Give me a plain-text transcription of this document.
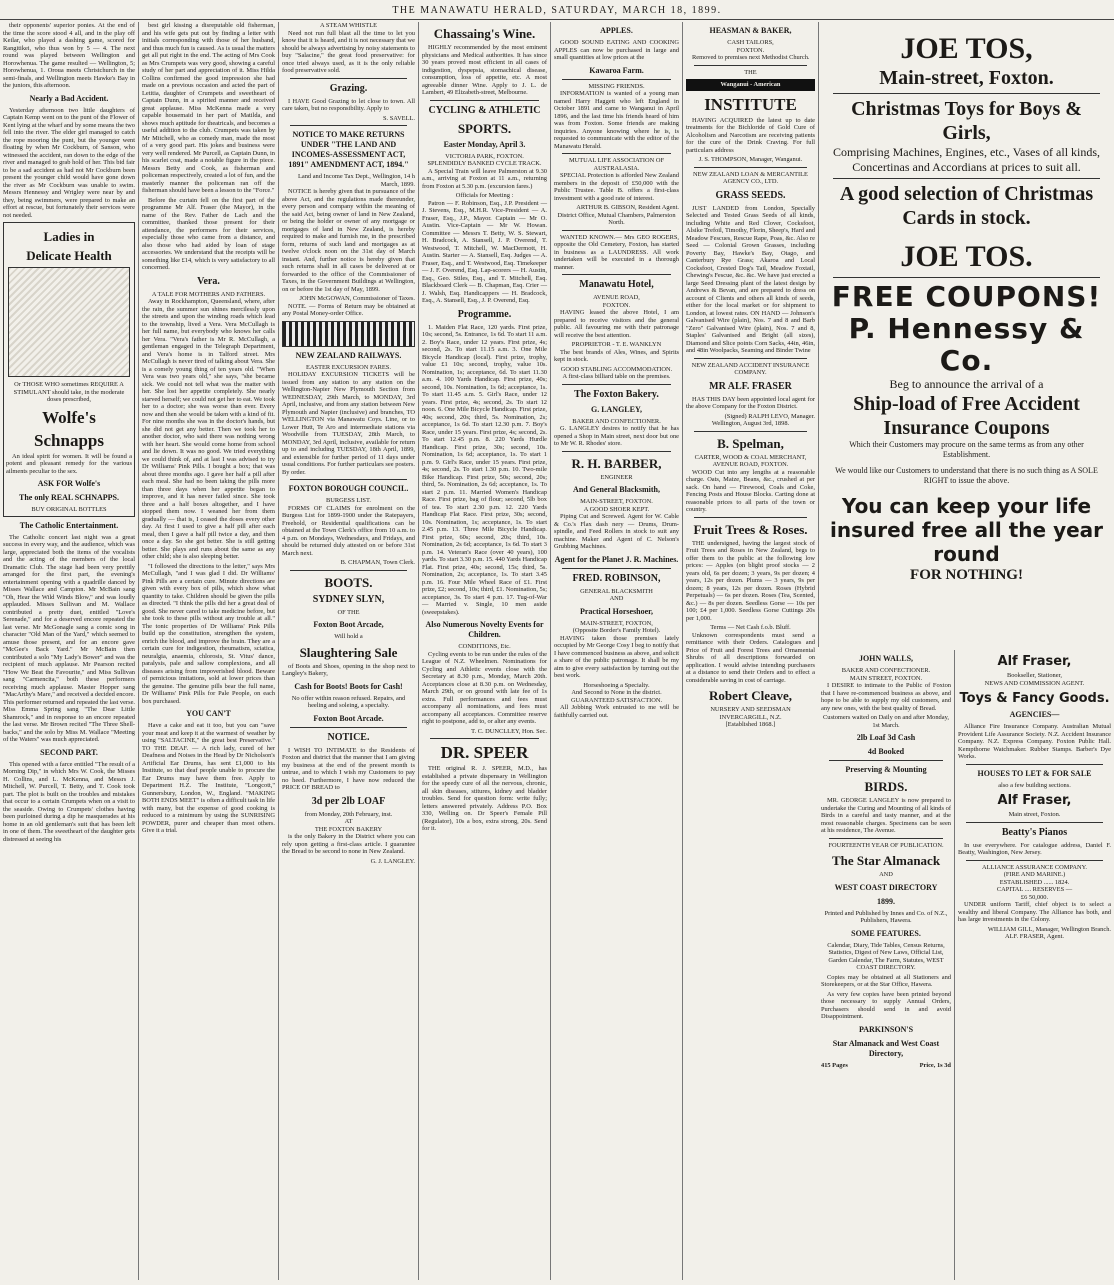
THE MANAWATU HERALD, SATURDAY, MARCH 18, 1899.

their opponents' superior ponies. At the end of the time the score stood 4 all, and in the play off Keilar, who played a dashing game, scored for Rangitikei, who thus won by 5 — 4. The next round was played between Wellington and Horowhenua. The game resulted — Wellington, 5; Horowhenua, 1. Oroua meets Christchurch in the semi-finals, and Wellington meets Hawke's Bay in the juniors, this afternoon.

Nearly a Bad Accident.

Yesterday afternoon two little daughters of Captain Kemp went on to the punt of the Flower of Kent lying at the wharf and by some means the two fell into the river. The elder girl managed to catch the rope mooring the punt, but the younger went floating by when Mr Cockburn, of Sanson, who witnessed the accident, ran down to the edge of the river and managed to grab hold of her. This bid fair to be a sad accident as had not Mr Cockburn been present the younger child would have gone down the river as Mr Cockburn was unable to swim. Messrs Hennessy and Wrigley were near by and they, being swimmers, were prepared to make an effort at rescue, but fortunately their services were not needed.

Ladies in
Delicate Health

Or THOSE WHO sometimes REQUIRE A STIMULANT should take, in the moderate doses prescribed,

Wolfe's
Schnapps

An ideal spirit for women. It will be found a potent and pleasant remedy for the various ailments peculiar to the sex.

ASK FOR Wolfe's
The only REAL SCHNAPPS.
BUY ORIGINAL BOTTLES
The Catholic Entertainment.

The Catholic concert last night was a great success in every way, and the audience, which was large, appreciated both the items of the vocalists and the acting of the members of the local Dramatic Club. The stage had been very prettily arranged for the first part, the evening's entertainment opening with a quadrille danced by Misses Wallace and Campion. Mr McBain sang "Oh, Hear the Wild Winds Blow," and was loudly applauded. Misses Sullivan and M. Wallace contributed a pretty duet, entitled "Love's Serenade," and for a deserved encore repeated the last verse. Mr McGonagle sang a comic song in character "Old Man of the Yard," which seemed to amuse those present, and for an encore gave "McGee's Back Yard." Mr McBain then contributed a solo "My Lady's Bower" and was the recipient of much applause. Mr Pearson recited "How We Beat the Favourite," and Miss Sullivan sang "Carmencita," both these performers receiving much applause. Master Hopper sang "MacArthy's Mare," and received a decided encore. This performer returned and repeated the last verse. Miss Emma Spring sang "The Dear Little Shamrock," and in response to an encore repeated the last verse. Mr Brown recited "The Three Shell-backs," and the solo by Miss M. Wallace "Meeting of the Waters" was much appreciated.

SECOND PART.

This opened with a farce entitled "The result of a Morning Dip," in which Mrs W. Cook, the Misses H. Collins, and L. McKenna, and Messrs J. Mitchell, W. Purcell, T. Betty, and T. Cook took part. The plot is built on the troubles and mistakes that occur to a certain Crumpets when on a visit to the seaside. Owing to Crumpets' clothes having been purloined during a dip he masquerades at his home in an old gentleman's suit that has been left in one of them. The sweetheart of the daughter gets distressed at seeing his

best girl kissing a disreputable old fisherman, and his wife gets put out by finding a letter with initials corresponding with those of her husband, and thus much fun is caused. As is usual the matters get all put right in the end. The acting of Mrs Cook as Mrs Crumpets was very good, showing a careful study of her part and appreciation of it. Miss Hilda Collins confirmed the good impression she had made on a previous occasion and acted the part of Letitia, daughter of Crumpets and sweetheart of Captain Dunn, in a spirited manner and received great applause. Miss McKenna made a very capable housemaid in her part of Matilda, and shows much aptitude for theatricals, and becomes a useful addition to the club. Crumpets was taken by Mr Mitchell, who as comedy man, made the most of a very good part. His jokes and business were very well rendered. Mr Purcell, as Captain Dunn, in his scarlet coat, made a notable figure in the piece. Messrs Betty and Cook, as fisherman and policeman respectively, created a lot of fun, and the masterly manner the policeman ran off the fisherman should have been a lesson to the "Force."

Before the curtain fell on the first part of the programme Mr Alf. Fraser (the Mayor), in the name of the Rev. Father de Lach and the committee, thanked those present for their attendance, the performers for their services, especially those who came from a distance, and also those who had aided by loan of stage accessories. We understand that the receipts will be something like £14, which is very satisfactory to all concerned.

Vera.
A TALE FOR MOTHERS AND FATHERS.

Away in Rockhampton, Queensland, where, after the rain, the summer sun shines mercilessly upon the streets and upon the winding roads which lead to the township, lived a Vera. Vera McCullagh is her full name, but everybody who knows her calls her Vera. "Vera's father is Mr R. McCullagh, a gentleman engaged in the Telegraph Department, and Vera's home is in Talford street. Mrs McCullagh is never tired of talking about Vera. She is a comely young thing of ten years old. "When Vera was two years old," she says, "she became sick. We could not tell what was the matter with her. She lost her appetite completely. She nearly starved herself; we could not get her to eat. We took her to a doctor; she was worse than ever. Every now and then she would be taken with a kind of fit. For nine months she was in the doctor's hands, but she did not get any better. Then we took her to another doctor, who said there was nothing wrong with her heart. She would come home from school and lie down. It was no good. We tried everything we could think of, and at last I was advised to try Dr Williams' Pink Pills. I bought a box; that was about three months ago. I gave her half a pill after each meal. She had no been taking the pills more than three days when her appetite began to improve, and it has never failed since. She took three and a half boxes altogether, and I have stopped them now. I weaned her from them gradually — that is, I ceased the doses every other day. At first I used to give a half pill after each meal, then I gave a half pill twice a day, and then once a day. So she got better. She is still getting better. She plays and runs about the same as any other child; she is also sleeping better.

"I followed the directions to the letter," says Mrs McCullagh, "and I was glad I did. Dr Williams' Pink Pills are a certain cure. Minute directions are given with every box of pills, which show what quantity to take. Children should be given the pills as directed. "I think the pills did her a great deal of good. She never cared to take medicine before, but she took to these pills without any trouble at all." The tonic properties of Dr Williams' Pink Pills build up the constitution, strengthen the system, enrich the blood, and improve the brain. They are a certain cure for indigestion, rheumatism, sciatica, neuralgia, anaemia, chlorosis, St. Vitus' dance, paralysis, pale and sallow complexions, and all diseases arising from impoverished blood. Beware of pernicious imitations, sold at lower prices than the genuine. The genuine pills bear the full name, Dr Williams' Pink Pills for Pale People, on each box purchased.

YOU CAN'T

Have a cake and eat it too, but you can "save your meat and keep it at the warmest of weather by using "SALTACINE," the great best Preservative." TO THE DEAF. — A rich lady, cured of her Deafness and Noises in the Head by Dr Nicholson's Artificial Ear Drums, has sent £1,000 to his Institute, so that deaf people unable to procure the Ear Drums may have them free. Apply to Department H.Z. The Institute, "Longcott," Gunnersbury, London, W., England. "MAKING BOTH ENDS MEET" is often a difficult task in life with many, but the expense of good cooking is reduced to a minimum by using the SUNRISING POWDER, purer and cheaper than most others. Give it a trial.

A STEAM WHISTLE

Need not run full blast all the time to let you know that it is heard, and it is not necessary that we should be always advertising by noisy statements to buy "Salacine," the great food preservative: for once tried always used, as it is the only reliable food preservative sold.

Grazing.

I HAVE Good Grazing to let close to town. All care taken, but no responsibility. Apply to

S. SAVELL.
NOTICE TO MAKE RETURNS UNDER "THE LAND AND INCOMES-ASSESSMENT ACT, 1891" AMENDMENT ACT, 1894."
Land and Income Tax Dept., Wellington, 14 h March, 1899.

NOTICE is hereby given that in pursuance of the above Act, and the regulations made thereunder, every person and company within the meaning of the said Act, being owner of land in New Zealand, or being the holder or owner of any mortgage or mortgages of land in New Zealand, is hereby required to make and furnish me, in the prescribed form, returns of such land and mortgages as at twelve o'clock noon on the 31st day of March instant. And, further notice is hereby given that such returns shall in all cases be delivered at or forwarded to the office of the Commissioner of Taxes, in the Government Buildings at Wellington, on or before the 1st day of May, 1899.

JOHN McGOWAN, Commissioner of Taxes.

NOTE. — Forms of Return may be obtained at any Postal Money-order Office.

NEW ZEALAND RAILWAYS.
EASTER EXCURSION FARES.

HOLIDAY EXCURSION TICKETS will be issued from any station to any station on the Wellington-Napier New Plymouth Section from WEDNESDAY, 29th March, to MONDAY, 3rd April, inclusive, and from any station between New Plymouth and Napier (inclusive) and branches, TO WELLINGTON via Manawatu Coys. Line, or to Lower Hutt, Te Aro and intermediate stations via Woodville from TUESDAY, 28th March, to MONDAY, 3rd April, inclusive, available for return up to and including TUESDAY, 18th April, 1899, and extensible for further period of 11 days under usual conditions. For further particulars see posters. By order.

FOXTON BOROUGH COUNCIL.
BURGESS LIST.

FORMS OF CLAIMS for enrolment on the Burgess List for 1899-1900 under the Ratepayers, Freehold, or Residential qualifications can be obtained at the Town Clerk's office from 10 a.m. to 4 p.m. on Mondays, Wednesdays, and Fridays, and should be returned duly attested on or before 31st March next.

B. CHAPMAN, Town Clerk.
BOOTS.
SYDNEY SLYN,
OF THE
Foxton Boot Arcade,
Will hold a
Slaughtering Sale

of Boots and Shoes, opening in the shop next to Langley's Bakery,

Cash for Boots! Boots for Cash!

No offer within reason refused. Repairs, and heeling and soleing, a specialty.

Foxton Boot Arcade.
NOTICE.

I WISH TO INTIMATE to the Residents of Foxton and district that the manner that I am giving my business at the end of the present month is untrue, and to which I wish my Customers to pay no heed. Furthermore, I have now reduced the PRICE OF BREAD to

3d per 2lb LOAF
from Monday, 20th February, inst.
AT
THE FOXTON BAKERY

is the only Bakery in the District where you can rely upon getting a first-class article. I guarantee the Bread to be second to none in New Zealand.

G. J. LANGLEY.
Chassaing's Wine.

HIGHLY recommended by the most eminent physicians and Medical authorities. It has since 30 years proved most efficient in all cases of indigestion, dyspepsia, stomachical disease, consumption, loss of appetite, etc. A most agreeable dinner Wine. Apply to J. L. de Lambert, 49 Elizabeth-street, Melbourne.

CYCLING & ATHLETIC
SPORTS.
Easter Monday, April 3.
VICTORIA PARK, FOXTON.
SPLENDIDLY BANKED CYCLE TRACK.

A Special Train will leave Palmerston at 9.30 a.m., arriving at Foxton at 11 a.m., returning from Foxton at 5.30 p.m. (excursion fares.)

Officials for Meeting :

Patron — F. Robinson, Esq., J.P. President — J. Stevens, Esq., M.H.R. Vice-President — A. Fraser, Esq., J.P., Mayor. Captain — Mr O. Austin. Vice-Captain — Mr W. Howan. Committee — Messrs T. Betty, W. S. Stewart, H. Bradcock, A. Stansell, J. P. Overend, T. Westwood, T. Mitchell, W. MacDermott, H. Austin. Starter — A. Stansell, Esq. Judges — A. Fraser, Esq., and T. Westwood, Esq. Timekeeper — J. F. Overend, Esq. Lap-scorers — H. Austin, Esq., Geo. Stiles, Esq., and T. Mitchell, Esq. Blackboard Clerk — B. Chapman, Esq. Crier — J. Walsh, Esq. Handicappers — H. Bradcock, Esq., A. Stansell, Esq., J. P. Overend, Esq.

Programme.

1. Maiden Flat Race, 120 yards. First prize, 10s; second, 5s. Entrance, 1s 6d. To start 11 a.m. 2. Boy's Race, under 12 years. First prize, 4s; second, 2s. To start 11.15 a.m. 3. One Mile Bicycle Handicap (local). First prize, trophy, value £1 10s; second, trophy, value 10s. Nomination, 1s; acceptance, 6d. To start 11.30 a.m. 4. 100 Yards Handicap. First prize, 40s; second, 10s. Nomination, 1s 6d; acceptance, 1s. To start 11.45 a.m. 5. Girl's Race, under 12 years. First prize, 4s; second, 2s. To start 12 noon. 6. One Mile Bicycle Handicap. First prize, 40s; second, 20s; third, 5s. Nomination, 2s; acceptance, 1s 6d. To start 12.30 p.m. 7. Boy's Race, under 15 years. First prize, 4s; second, 2s. To start 12.45 p.m. 8. 220 Yards Hurdle Handicap. First prize, 30s; second, 10s. Nomination, 1s 6d; acceptance, 1s. To start 1 p.m. 9. Girl's Race, under 15 years. First prize, 4s; second, 2s. To start 1.30 p.m. 10. Two-mile Bike Handicap. First prize, 50s; second, 20s; third, 5s. Nomination, 2s 6d; acceptance, 1s. To start 2 p.m. 11. Married Women's Handicap Race. First prize, bag of flour; second, 5lb box of tea. To start 2.30 p.m. 12. 220 Yards Handicap Flat Race. First prize, 30s; second, 10s. Nomination, 1s; acceptance, 1s. To start 2.45 p.m. 13. Three Mile Bicycle Handicap. First prize, 60s; second, 20s; third, 10s. Nomination, 2s 6d; acceptance, 1s 6d. To start 3 p.m. 14. Veteran's Race (over 40 years), 100 yards. To start 3.30 p.m. 15. 440 Yards Handicap Flat. First prize, 40s; second, 15s; third, 5s. Nomination, 2s; acceptance, 1s. To start 3.45 p.m. 16. Four Mile Wheel Race of £1. First prize, £2; second, 10s; third, £1. Nomination, 5s; acceptance, 3s. To start 4 p.m. 17. Tug-of-War — Married v. Single, 10 men aside (sweepstakes).

Also Numerous Novelty Events for Children.
CONDITIONS, Etc.

Cycling events to be run under the rules of the League of N.Z. Wheelmen. Nominations for Cycling and Athletic events close with the Secretary at 8.30 p.m., Monday, March 20th. Acceptances close at 8.30 p.m. on Wednesday, March 29th, or on ground with late fee of 1s extra. Full performances and fees must accompany all nominations, and fees must accompany all acceptances. Committee reserve right to postpone, add to, or alter any events.

T. C. DUNCLLEY, Hon. Sec.
DR. SPEER

THE original R. J. SPEER, M.D., has established a private dispensary in Wellington for the speedy cure of all the nervous, chronic, all skin diseases, stitures, kidney and bladder troubles. Send for question form: write fully; letters answered privately. Address P.O. Box 330, Welling on. Dr Speer's Female Pill (Regulator), 10s a box, extra strong, 20s. Send for it.

APPLES.

GOOD SOUND EATING AND COOKING APPLES can now be purchased in large and small quantities at low prices at the

Kawaroa Farm.
MISSING FRIENDS.

INFORMATION is wanted of a young man named Harry Haggett who left England in October 1891 and came to Wanganui in April 1896, and the last time his friends heard of him was from Foxton. Some friends are making inquiries. Anyone knowing where he is, is requested to communicate with the editor of the Manawatu Herald.

MUTUAL LIFE ASSOCIATION OF AUSTRALASIA.

SPECIAL Protection is afforded New Zealand members in the deposit of £50,000 with the Public Trustee. Table B. offers a first-class investment with a good rate of interest.

ARTHUR B. GIBSON, Resident Agent.
District Office, Mutual Chambers, Palmerston North.

WANTED KNOWN.— Mrs GEO ROGERS, opposite the Old Cemetery, Foxton, has started in business as a LAUNDRESS. All work undertaken will be executed in a thorough manner.

Manawatu Hotel,
AVENUE ROAD,
FOXTON.

HAVING leased the above Hotel, I am prepared to receive visitors and the general public. All favouring me with their patronage will receive the best attention.

PROPRIETOR - T. E. WANKLYN

The best brands of Ales, Wines, and Spirits kept in stock.

GOOD STABLING ACCOMMODATION.
A first-class billiard table on the premises.
The Foxton Bakery.
G. LANGLEY,
BAKER AND CONFECTIONER.

G. LANGLEY desires to notify that he has opened a Shop in Main street, next door but one to Mr W. R. Rhodes' store.

R. H. BARBER,
ENGINEER
And General Blacksmith,
MAIN-STREET, FOXTON.
A GOOD SHOER KEPT.

Piping Cut and Screwed. Agent for W. Cable & Co.'s Flax dash nery — Drums, Drum-spindle, and Feed Rollers in stock to suit any machine. Maker and Agent of C. Nelson's Grubbing Machines.

Agent for the Planet J. R. Machines.
FRED. ROBINSON,
GENERAL BLACKSMITH
AND
Practical Horseshoer,
MAIN-STREET, FOXTON,
(Opposite Border's Family Hotel).

HAVING taken those premises lately occupied by Mr George Cosy I beg to notify that I have commenced business as above, and solicit a share of the public patronage. It shall be my aim to give every satisfaction by turning out the best work.

Horseshoeing a Specialty.
And Second to None in the district.
GUARANTEED SATISFACTION.

All Jobbing Work entrusted to me will be faithfully carried out.

HEASMAN & BAKER,
CASH TAILORS,
FOXTON.

Removed to premises next Methodist Church.

THE
Wanganui - American
INSTITUTE

HAVING ACQUIRED the latest up to date treatments for the Bichloride of Gold Cure of Alcoholism and Narcotism are receiving patients for the cure of the Drink Craving. For full particulars address

J. S. THOMPSON, Manager, Wanganui.
NEW ZEALAND LOAN & MERCANTILE AGENCY CO., LTD.
GRASS SEEDS.

JUST LANDED from London, Specially Selected and Tested Grass Seeds of all kinds, including White and Red Clover, Cocksfoot, Alsike Trefoil, Timothy, Florin, Sheep's, Hard and Meadow Fescues, Rescue Rape, Poas, &c. Also re Seed — Colonial Grown Grasses, including Poverty Bay, Hawke's Bay, Otago, and Canterbury Rye Grass; Akaroa and Local Cocksfoot, Crested Dog's Tail, Meadow Foxtail, Chewing's Fescue, &c. &c. We have just erected a large Seed Dressing plant of the latest design by Andrews & Bevan, and are prepared to dress on account of Clients and others all kinds of seeds, either for the local market or for shipment to London, at lowest rates. ON HAND — Johnson's Galvanised Wire (plain), Nos. 7 and 8 and Barb "Zero" Galvanised Wire (plain), Nos. 7 and 8, Staples' Galvanised and Bright (all sizes), Diamond and Slice points Corn Sacks, 44in, 46in, and 48in Woolpacks, Seaming and Binder Twine

NEW ZEALAND ACCIDENT INSURANCE COMPANY.
MR ALF. FRASER

HAS THIS DAY been appointed local agent for the above Company for the Foxton District.

(Signed) RALPH LEVO, Manager.
Wellington, August 3rd, 1898.
B. Spelman,
CARTER, WOOD & COAL MERCHANT,
AVENUE ROAD, FOXTON.

WOOD Cut into any lengths at a reasonable charge. Oats, Maize, Beans, &c., crushed at per sack. On hand — Firewood, Coals and Coke, Fencing Posts and House Blocks. Carting done at reasonable prices to all parts of the town or country.

Fruit Trees & Roses.

THE undersigned, having the largest stock of Fruit Trees and Roses in New Zealand, begs to offer them to the public at the following low prices: — Apples (on blight proof stocks — 2 years old, 6s per dozen; 3 years, 9s per dozen; 4 years, 12s per dozen. Plums — 3 years, 9s per dozen; 8 years, 12s per dozen. Roses (Hybrid Perpetuals) — 6s per dozen. Roses (Tea, Scented, &c.) — 8s per dozen. Seedless Gorse — 10s per 100; £4 per 1,000. Seedless Gorse Cuttings 20s per 1,000.

Terms — Net Cash f.o.b. Bluff.

Unknown correspondents must send a remittance with their Orders. Catalogues and Price of Fruit and Forest Trees and Ornamental Shrubs of all descriptions forwarded on application. I would advise intending purchasers at a distance to send their Orders and to effect a considerable saving in cost of carriage.

Robert Cleave,
NURSERY AND SEEDSMAN
INVERCARGILL, N.Z.
[Established 1868.]
JOE TOS,
Main-street, Foxton.
Christmas Toys for Boys & Girls,
Comprising Machines, Engines, etc., Vases of all kinds, Concertinas and Accordians at prices to suit all.
A good selection of Christmas Cards in stock.
JOE TOS.
FREE COUPONS!
P. Hennessy & Co.
Beg to announce the arrival of a
Ship-load of Free Accident Insurance Coupons
Which their Customers may procure on the same terms as from any other Establishment.
We would like our Customers to understand that there is no such thing as A SOLE RIGHT to issue the above.
You can keep your life insured free all the year round
FOR NOTHING!
JOHN WALLS,
BAKER AND CONFECTIONER.
MAIN STREET, FOXTON.

I DESIRE to intimate to the Public of Foxton that I have re-commenced business as above, and hope to be able to supply my old customers, and any new ones, with the best quality of Bread.

Customers waited on Daily on and after Monday, 1st March.

2lb Loaf 3d Cash
4d Booked
Preserving & Mounting
BIRDS.

MR. GEORGE LANGLEY is now prepared to undertake the Curing and Mounting of all kinds of Birds in a careful and tasty manner, and at the most reasonable charges. Specimens can be seen at his residence, The Avenue.

FOURTEENTH YEAR OF PUBLICATION.
The Star Almanack
AND
WEST COAST DIRECTORY
1899.

Printed and Published by Innes and Co. of N.Z., Publishers, Hawera.

SOME FEATURES.

Calendar, Diary, Tide Tables, Census Returns, Statistics, Digest of New Laws, Official List, Garden Calendar, The Farm, Statutes, WEST COAST DIRECTORY.

Copies may be obtained at all Stationers and Storekeepers, or at the Star Office, Hawera.

As very few copies have been printed beyond those necessary to supply Annual Orders, Purchasers should send in and avoid Disappointment.

PARKINSON'S
Star Almanack and West Coast Directory,
415 Pages	Price, 1s 3d
Alf Fraser,
Bookseller, Stationer,
NEWS AND COMMISSION AGENT.
Toys & Fancy Goods.
AGENCIES—

Alliance Fire Insurance Company. Australian Mutual Provident Life Assurance Society. N.Z. Accident Insurance Company. N.Z. Express Company. Foxton Public Hall. Kempthorne Watchmaker. Rubber Stamps. Barber's Dye Works.

HOUSES TO LET & FOR SALE
also a few building sections.
Alf Fraser,
Main street, Foxton.
Beatty's Pianos

In use everywhere. For catalogue address, Daniel F. Beatty, Washington, New Jersey.

ALLIANCE ASSURANCE COMPANY.
(FIRE AND MARINE.)
ESTABLISHED ...... 1824.
CAPITAL .... RESERVES —
£6 50,000.

UNDER uniform Tariff, chief object is to select a wealthy and liberal Company. The Alliance has both, and has large investments in the Colony.

WILLIAM GILL, Manager, Wellington Branch.
ALF. FRASER, Agent.
